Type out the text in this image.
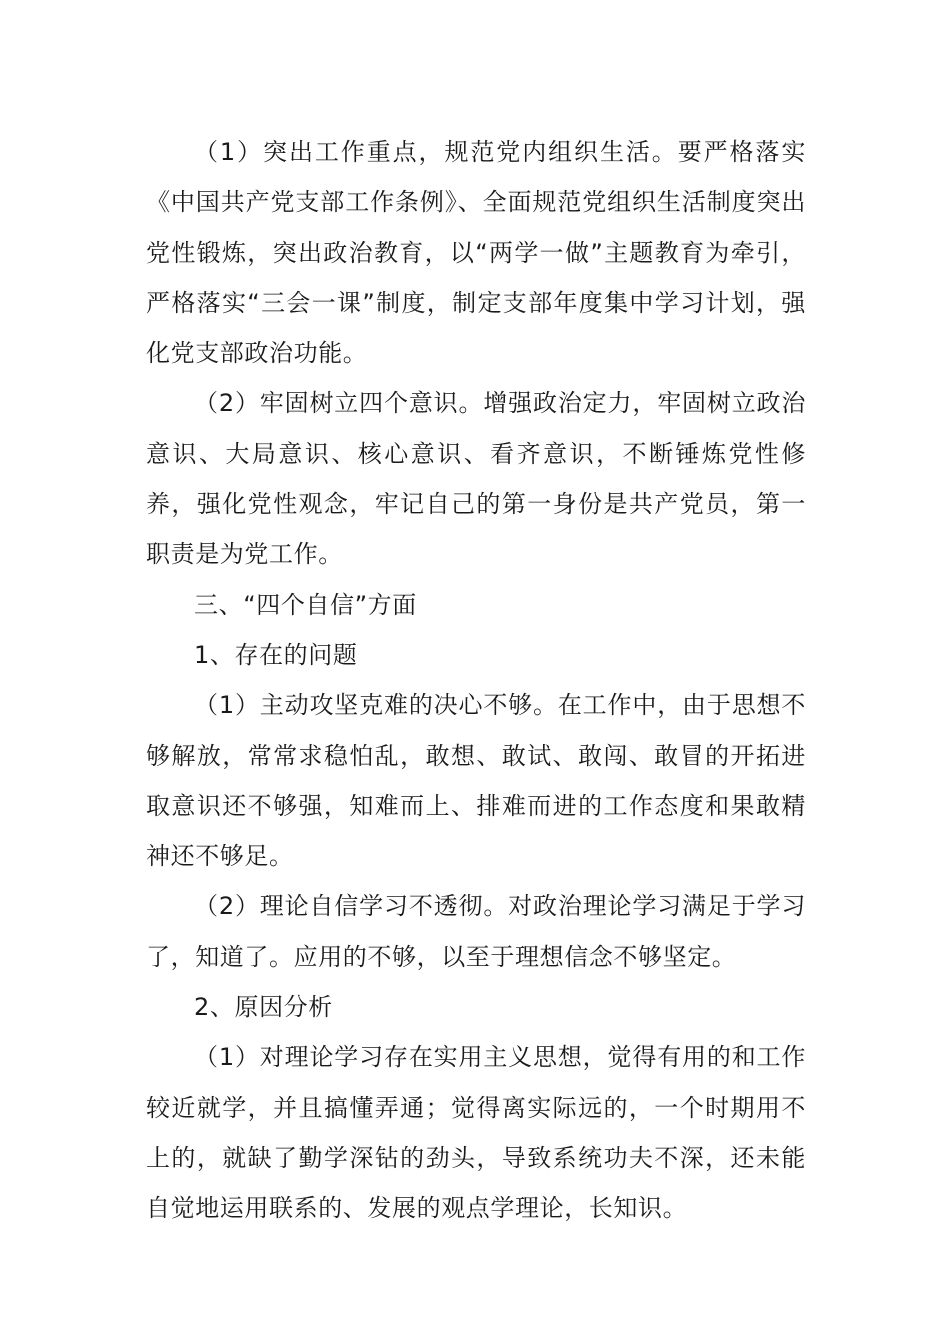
（1）突出工作重点，规范党内组织生活。要严格落实《中国共产党支部工作条例》、全面规范党组织生活制度突出党性锻炼，突出政治教育，以“两学一做”主题教育为牵引，严格落实“三会一课”制度，制定支部年度集中学习计划，强化党支部政治功能。

（2）牢固树立四个意识。增强政治定力，牢固树立政治意识、大局意识、核心意识、看齐意识，不断锤炼党性修养，强化党性观念，牢记自己的第一身份是共产党员，第一职责是为党工作。

三、“四个自信”方面

1、存在的问题

（1）主动攻坚克难的决心不够。在工作中，由于思想不够解放，常常求稳怕乱，敢想、敢试、敢闯、敢冒的开拓进取意识还不够强，知难而上、排难而进的工作态度和果敢精神还不够足。

（2）理论自信学习不透彻。对政治理论学习满足于学习了，知道了。应用的不够，以至于理想信念不够坚定。

2、原因分析

（1）对理论学习存在实用主义思想，觉得有用的和工作较近就学，并且搞懂弄通；觉得离实际远的，一个时期用不上的，就缺了勤学深钻的劲头，导致系统功夫不深，还未能自觉地运用联系的、发展的观点学理论，长知识。
